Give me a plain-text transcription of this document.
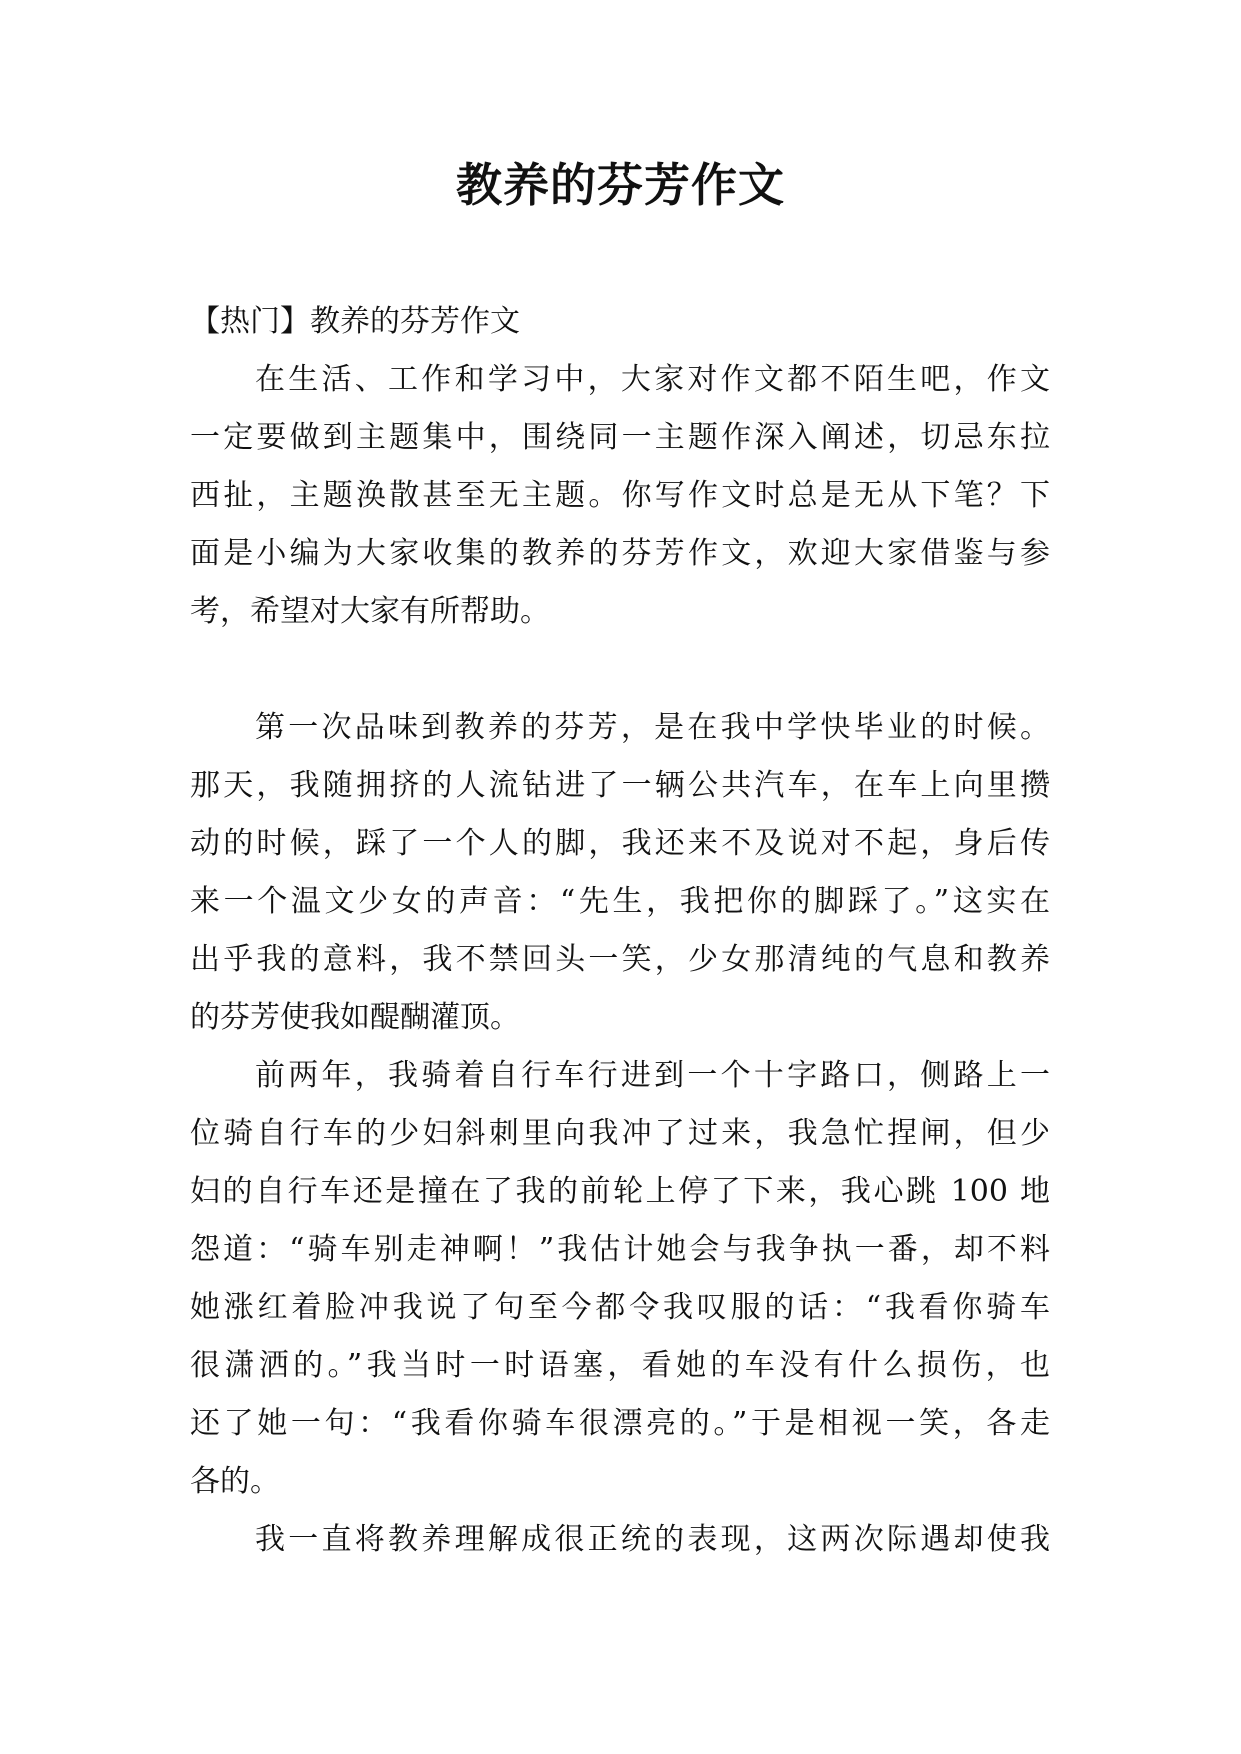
教养的芬芳作文
【热门】教养的芬芳作文
在生活、工作和学习中，大家对作文都不陌生吧，作文
一定要做到主题集中，围绕同一主题作深入阐述，切忌东拉
西扯，主题涣散甚至无主题。你写作文时总是无从下笔？下
面是小编为大家收集的教养的芬芳作文，欢迎大家借鉴与参
考，希望对大家有所帮助。
第一次品味到教养的芬芳，是在我中学快毕业的时候。
那天，我随拥挤的人流钻进了一辆公共汽车，在车上向里攒
动的时候，踩了一个人的脚，我还来不及说对不起，身后传
来一个温文少女的声音：“先生，我把你的脚踩了。”这实在
出乎我的意料，我不禁回头一笑，少女那清纯的气息和教养
的芬芳使我如醍醐灌顶。
前两年，我骑着自行车行进到一个十字路口，侧路上一
位骑自行车的少妇斜刺里向我冲了过来，我急忙捏闸，但少
妇的自行车还是撞在了我的前轮上停了下来，我心跳 100 地
怨道：“骑车别走神啊！”我估计她会与我争执一番，却不料
她涨红着脸冲我说了句至今都令我叹服的话：“我看你骑车
很潇洒的。”我当时一时语塞，看她的车没有什么损伤，也
还了她一句：“我看你骑车很漂亮的。”于是相视一笑，各走
各的。
我一直将教养理解成很正统的表现，这两次际遇却使我
